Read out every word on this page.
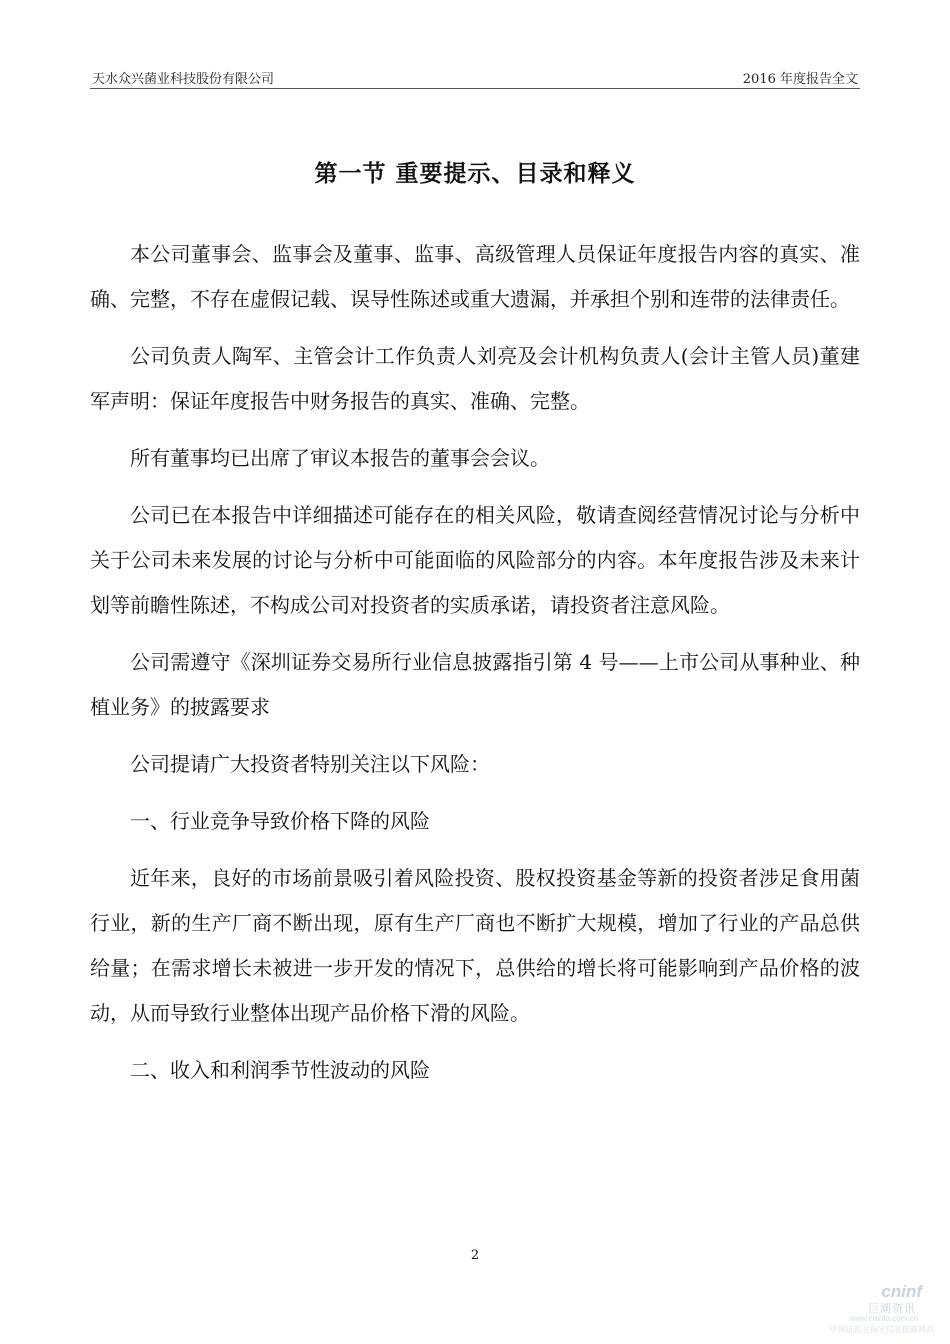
天水众兴菌业科技股份有限公司	2016 年度报告全文
第一节 重要提示、目录和释义

本公司董事会、监事会及董事、监事、高级管理人员保证年度报告内容的真实、准确、完整，不存在虚假记载、误导性陈述或重大遗漏，并承担个别和连带的法律责任。

公司负责人陶军、主管会计工作负责人刘亮及会计机构负责人(会计主管人员)董建军声明：保证年度报告中财务报告的真实、准确、完整。

所有董事均已出席了审议本报告的董事会会议。

公司已在本报告中详细描述可能存在的相关风险，敬请查阅经营情况讨论与分析中关于公司未来发展的讨论与分析中可能面临的风险部分的内容。本年度报告涉及未来计划等前瞻性陈述，不构成公司对投资者的实质承诺，请投资者注意风险。

公司需遵守《深圳证券交易所行业信息披露指引第 4 号——上市公司从事种业、种植业务》的披露要求

公司提请广大投资者特别关注以下风险：

一、行业竞争导致价格下降的风险

近年来，良好的市场前景吸引着风险投资、股权投资基金等新的投资者涉足食用菌行业，新的生产厂商不断出现，原有生产厂商也不断扩大规模，增加了行业的产品总供给量；在需求增长未被进一步开发的情况下，总供给的增长将可能影响到产品价格的波动，从而导致行业整体出现产品价格下滑的风险。

二、收入和利润季节性波动的风险

2
cninf
巨潮资讯
www.cninfo.com.cn
中国证监会指定信息披露网站
